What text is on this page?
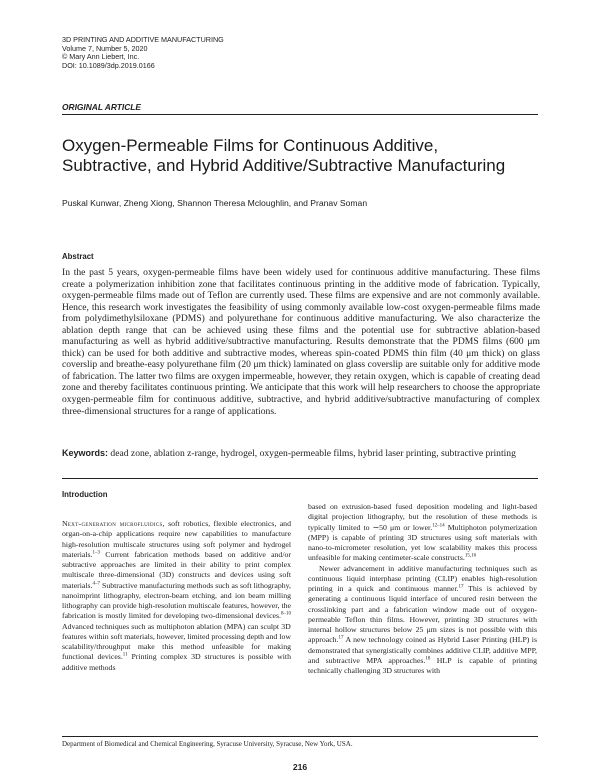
3D PRINTING AND ADDITIVE MANUFACTURING
Volume 7, Number 5, 2020
© Mary Ann Liebert, Inc.
DOI: 10.1089/3dp.2019.0166
ORIGINAL ARTICLE
Oxygen-Permeable Films for Continuous Additive,
Subtractive, and Hybrid Additive/Subtractive Manufacturing
Puskal Kunwar, Zheng Xiong, Shannon Theresa Mcloughlin, and Pranav Soman
Abstract
In the past 5 years, oxygen-permeable films have been widely used for continuous additive manufacturing. These films create a polymerization inhibition zone that facilitates continuous printing in the additive mode of fabrication. Typically, oxygen-permeable films made out of Teflon are currently used. These films are expensive and are not commonly available. Hence, this research work investigates the feasibility of using commonly available low-cost oxygen-permeable films made from polydimethylsiloxane (PDMS) and polyurethane for continuous additive manufacturing. We also characterize the ablation depth range that can be achieved using these films and the potential use for subtractive ablation-based manufacturing as well as hybrid additive/subtractive manufacturing. Results demonstrate that the PDMS films (600 μm thick) can be used for both additive and subtractive modes, whereas spin-coated PDMS thin film (40 μm thick) on glass coverslip and breathe-easy polyurethane film (20 μm thick) laminated on glass coverslip are suitable only for additive mode of fabrication. The latter two films are oxygen impermeable, however, they retain oxygen, which is capable of creating dead zone and thereby facilitates continuous printing. We anticipate that this work will help researchers to choose the appropriate oxygen-permeable film for continuous additive, subtractive, and hybrid additive/subtractive manufacturing of complex three-dimensional structures for a range of applications.
Keywords: dead zone, ablation z-range, hydrogel, oxygen-permeable films, hybrid laser printing, subtractive printing
Introduction

Next-generation microfluidics, soft robotics, flexible electronics, and organ-on-a-chip applications require new capabilities to manufacture high-resolution multiscale structures using soft polymer and hydrogel materials.$^{1-3}$ Current fabrication methods based on additive and/or subtractive approaches are limited in their ability to print complex multiscale three-dimensional (3D) constructs and devices using soft materials.$^{4-7}$ Subtractive manufacturing methods such as soft lithography, nanoimprint lithography, electron-beam etching, and ion beam milling lithography can provide high-resolution multiscale features, however, the fabrication is mostly limited for developing two-dimensional devices.$^{8-10}$ Advanced techniques such as multiphoton ablation (MPA) can sculpt 3D features within soft materials, however, limited processing depth and low scalability/throughput make this method unfeasible for making functional devices.$^{11}$ Printing complex 3D structures is possible with additive methods

based on extrusion-based fused deposition modeling and light-based digital projection lithography, but the resolution of these methods is typically limited to ∼50 μm or lower.$^{12-14}$ Multiphoton polymerization (MPP) is capable of printing 3D structures using soft materials with nano-to-micrometer resolution, yet low scalability makes this process unfeasible for making centimeter-scale constructs.$^{15,16}$

Newer advancement in additive manufacturing techniques such as continuous liquid interphase printing (CLIP) enables high-resolution printing in a quick and continuous manner.$^{17}$ This is achieved by generating a continuous liquid interface of uncured resin between the crosslinking part and a fabrication window made out of oxygen-permeable Teflon thin films. However, printing 3D structures with internal hollow structures below 25 μm sizes is not possible with this approach.$^{17}$ A new technology coined as Hybrid Laser Printing (HLP) is demonstrated that synergistically combines additive CLIP, additive MPP, and subtractive MPA approaches.$^{18}$ HLP is capable of printing technically challenging 3D structures with

Department of Biomedical and Chemical Engineering, Syracuse University, Syracuse, New York, USA.
216
